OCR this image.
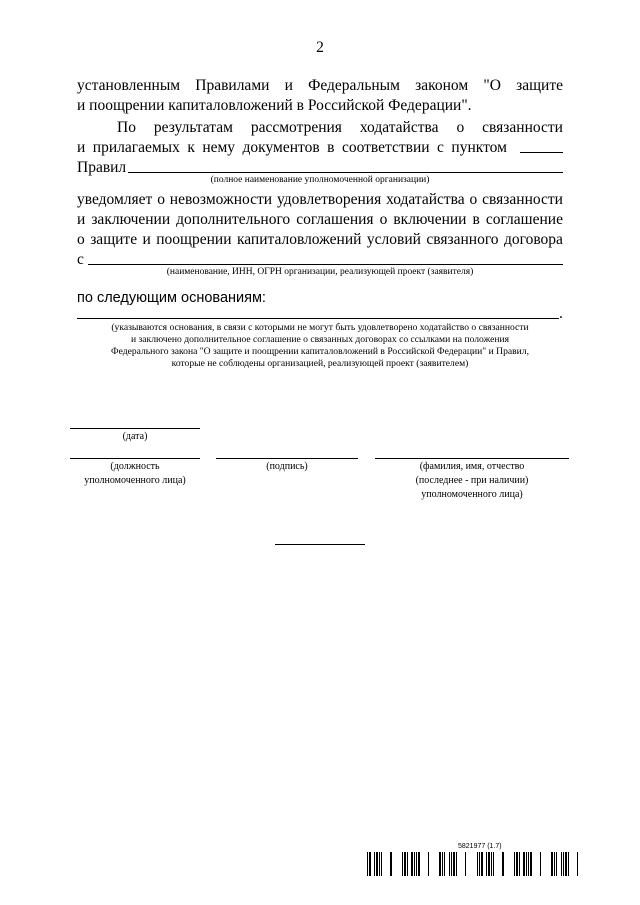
2
установленным Правилами и Федеральным законом "О защите
и поощрении капиталовложений в Российской Федерации".
По результатам рассмотрения ходатайства о связанности
и прилагаемых к нему документов в соответствии с пунктом
Правил
(полное наименование уполномоченной организации)
уведомляет о невозможности удовлетворения ходатайства о связанности
и заключении дополнительного соглашения о включении в соглашение
о защите и поощрении капиталовложений условий связанного договора
с
(наименование, ИНН, ОГРН организации, реализующей проект (заявителя)
по следующим основаниям:
.
(указываются основания, в связи с которыми не могут быть удовлетворено ходатайство о связанности
и заключено дополнительное соглашение о связанных договорах со ссылками на положения
Федерального закона "О защите и поощрении капиталовложений в Российской Федерации" и Правил,
которые не соблюдены организацией, реализующей проект (заявителем)
(дата)
(должность
уполномоченного лица)
(подпись)	(фамилия, имя, отчество
(последнее - при наличии)
уполномоченного лица)
5821977 (1.7)
